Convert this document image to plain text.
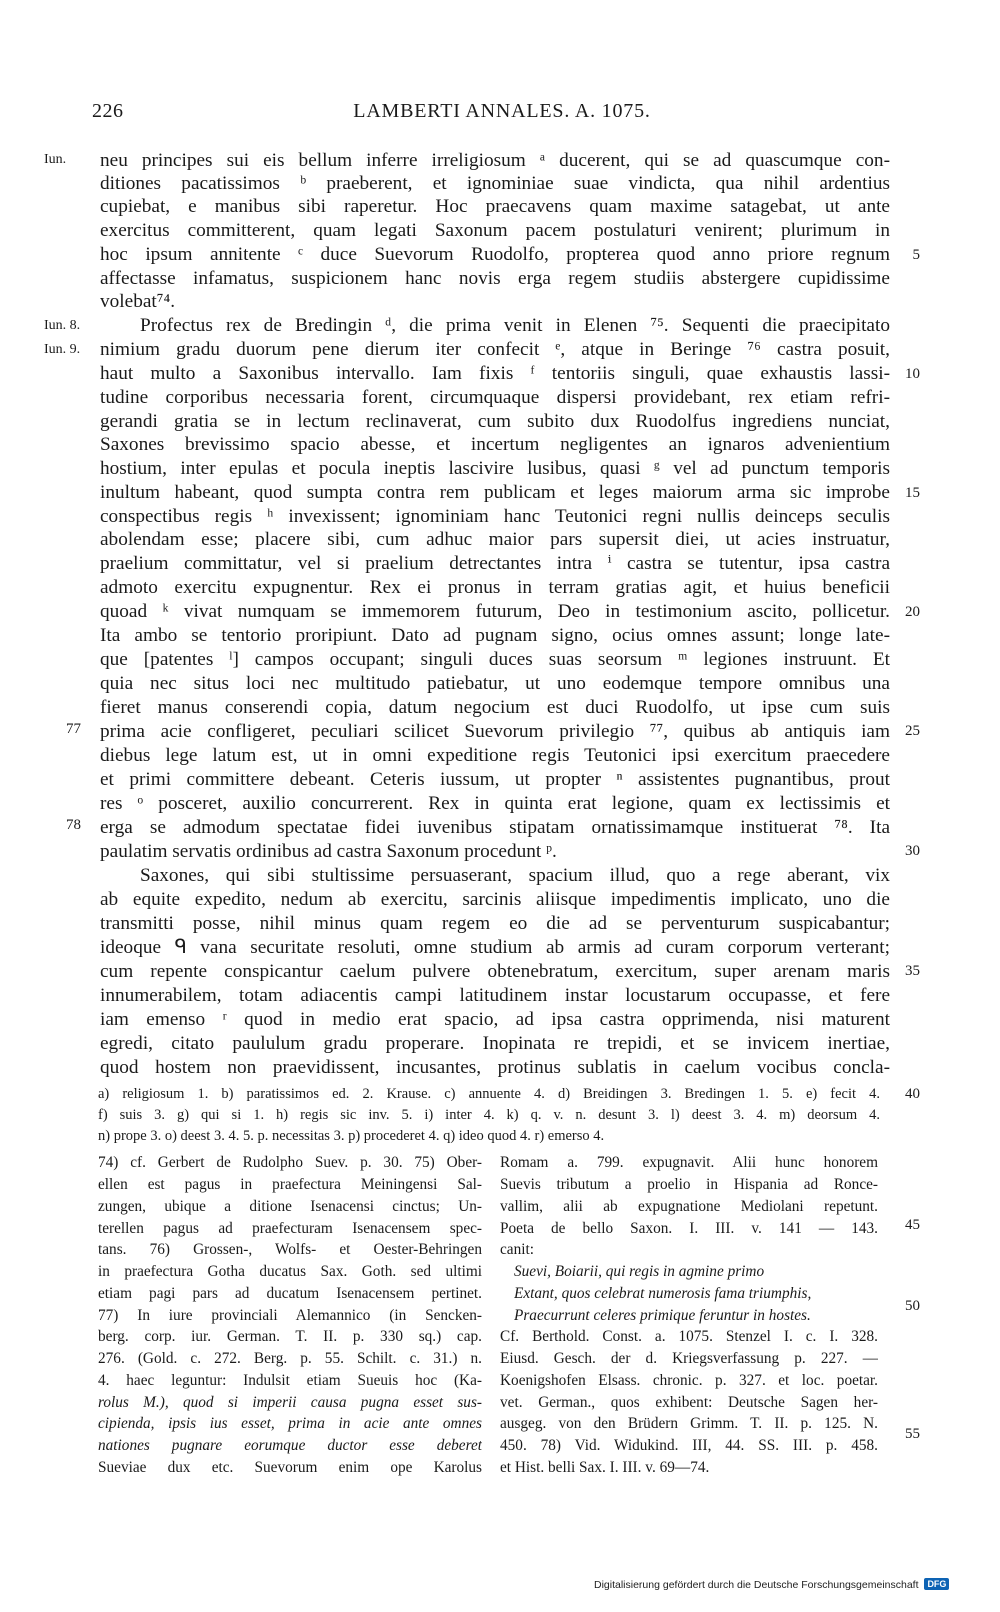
226	LAMBERTI ANNALES. A. 1075.
neu principes sui eis bellum inferre irreligiosum ᵃ ducerent, qui se ad quascumque con-
ditiones pacatissimos ᵇ praeberent, et ignominiae suae vindicta, qua nihil ardentius
cupiebat, e manibus sibi raperetur. Hoc praecavens quam maxime satagebat, ut ante
exercitus committerent, quam legati Saxonum pacem postulaturi venirent; plurimum in
hoc ipsum annitente ᶜ duce Suevorum Ruodolfo, propterea quod anno priore regnum
affectasse infamatus, suspicionem hanc novis erga regem studiis abstergere cupidissime
volebat⁷⁴.
Profectus rex de Bredingin ᵈ, die prima venit in Elenen ⁷⁵. Sequenti die praecipitato
nimium gradu duorum pene dierum iter confecit ᵉ, atque in Beringe ⁷⁶ castra posuit,
haut multo a Saxonibus intervallo. Iam fixis ᶠ tentoriis singuli, quae exhaustis lassi-
tudine corporibus necessaria forent, circumquaque dispersi providebant, rex etiam refri-
gerandi gratia se in lectum reclinaverat, cum subito dux Ruodolfus ingrediens nunciat,
Saxones brevissimo spacio abesse, et incertum negligentes an ignaros advenientium
hostium, inter epulas et pocula ineptis lascivire lusibus, quasi ᵍ vel ad punctum temporis
inultum habeant, quod sumpta contra rem publicam et leges maiorum arma sic improbe
conspectibus regis ʰ invexissent; ignominiam hanc Teutonici regni nullis deinceps seculis
abolendam esse; placere sibi, cum adhuc maior pars supersit diei, ut acies instruatur,
praelium committatur, vel si praelium detrectantes intra ⁱ castra se tutentur, ipsa castra
admoto exercitu expugnentur. Rex ei pronus in terram gratias agit, et huius beneficii
quoad ᵏ vivat numquam se immemorem futurum, Deo in testimonium ascito, pollicetur.
Ita ambo se tentorio proripiunt. Dato ad pugnam signo, ocius omnes assunt; longe late-
que [patentes ˡ] campos occupant; singuli duces suas seorsum ᵐ legiones instruunt. Et
quia nec situs loci nec multitudo patiebatur, ut uno eodemque tempore omnibus una
fieret manus conserendi copia, datum negocium est duci Ruodolfo, ut ipse cum suis
prima acie confligeret, peculiari scilicet Suevorum privilegio ⁷⁷, quibus ab antiquis iam
diebus lege latum est, ut in omni expeditione regis Teutonici ipsi exercitum praecedere
et primi committere debeant. Ceteris iussum, ut propter ⁿ assistentes pugnantibus, prout
res ᵒ posceret, auxilio concurrerent. Rex in quinta erat legione, quam ex lectissimis et
erga se admodum spectatae fidei iuvenibus stipatam ornatissimamque instituerat ⁷⁸. Ita
paulatim servatis ordinibus ad castra Saxonum procedunt ᵖ.
Saxones, qui sibi stultissime persuaserant, spacium illud, quo a rege aberant, vix
ab equite expedito, nedum ab exercitu, sarcinis aliisque impedimentis implicato, uno die
transmitti posse, nihil minus quam regem eo die ad se perventurum suspicabantur;
ideoque ᑫ vana securitate resoluti, omne studium ab armis ad curam corporum verterant;
cum repente conspicantur caelum pulvere obtenebratum, exercitum, super arenam maris
innumerabilem, totam adiacentis campi latitudinem instar locustarum occupasse, et fere
iam emenso ʳ quod in medio erat spacio, ad ipsa castra opprimenda, nisi maturent
egredi, citato paululum gradu properare. Inopinata re trepidi, et se invicem inertiae,
quod hostem non praevidissent, incusantes, protinus sublatis in caelum vocibus concla-
Iun.
Iun. 8.
Iun. 9.
77
78
5
10
15
20
25
30
35
40
45
50
55
a) religiosum 1. b) paratissimos ed. 2. Krause. c) annuente 4. d) Breidingen 3. Bredingen 1. 5. e) fecit 4.
f) suis 3. g) qui si 1. h) regis sic inv. 5. i) inter 4. k) q. v. n. desunt 3. l) deest 3. 4. m) deorsum 4.
n) prope 3. o) deest 3. 4. 5. p. necessitas 3. p) procederet 4. q) ideo quod 4. r) emerso 4.
74) cf. Gerbert de Rudolpho Suev. p. 30. 75) Ober-
ellen est pagus in praefectura Meiningensi Sal-
zungen, ubique a ditione Isenacensi cinctus; Un-
terellen pagus ad praefecturam Isenacensem spec-
tans. 76) Grossen-, Wolfs- et Oester-Behringen
in praefectura Gotha ducatus Sax. Goth. sed ultimi
etiam pagi pars ad ducatum Isenacensem pertinet.
77) In iure provinciali Alemannico (in Sencken-
berg. corp. iur. German. T. II. p. 330 sq.) cap.
276. (Gold. c. 272. Berg. p. 55. Schilt. c. 31.) n.
4. haec leguntur: Indulsit etiam Sueuis hoc (Ka-
rolus M.), quod si imperii causa pugna esset sus-
cipienda, ipsis ius esset, prima in acie ante omnes
nationes pugnare eorumque ductor esse deberet
Sueviae dux etc. Suevorum enim ope Karolus
Romam a. 799. expugnavit. Alii hunc honorem
Suevis tributum a proelio in Hispania ad Ronce-
vallim, alii ab expugnatione Mediolani repetunt.
Poeta de bello Saxon. I. III. v. 141 — 143.
canit:
Suevi, Boiarii, qui regis in agmine primo
Extant, quos celebrat numerosis fama triumphis,
Praecurrunt celeres primique feruntur in hostes.
Cf. Berthold. Const. a. 1075. Stenzel I. c. I. 328.
Eiusd. Gesch. der d. Kriegsverfassung p. 227. —
Koenigshofen Elsass. chronic. p. 327. et loc. poetar.
vet. German., quos exhibent: Deutsche Sagen her-
ausgeg. von den Brüdern Grimm. T. II. p. 125. N.
450. 78) Vid. Widukind. III, 44. SS. III. p. 458.
et Hist. belli Sax. I. III. v. 69—74.
Digitalisierung gefördert durch die Deutsche Forschungsgemeinschaft DFG
